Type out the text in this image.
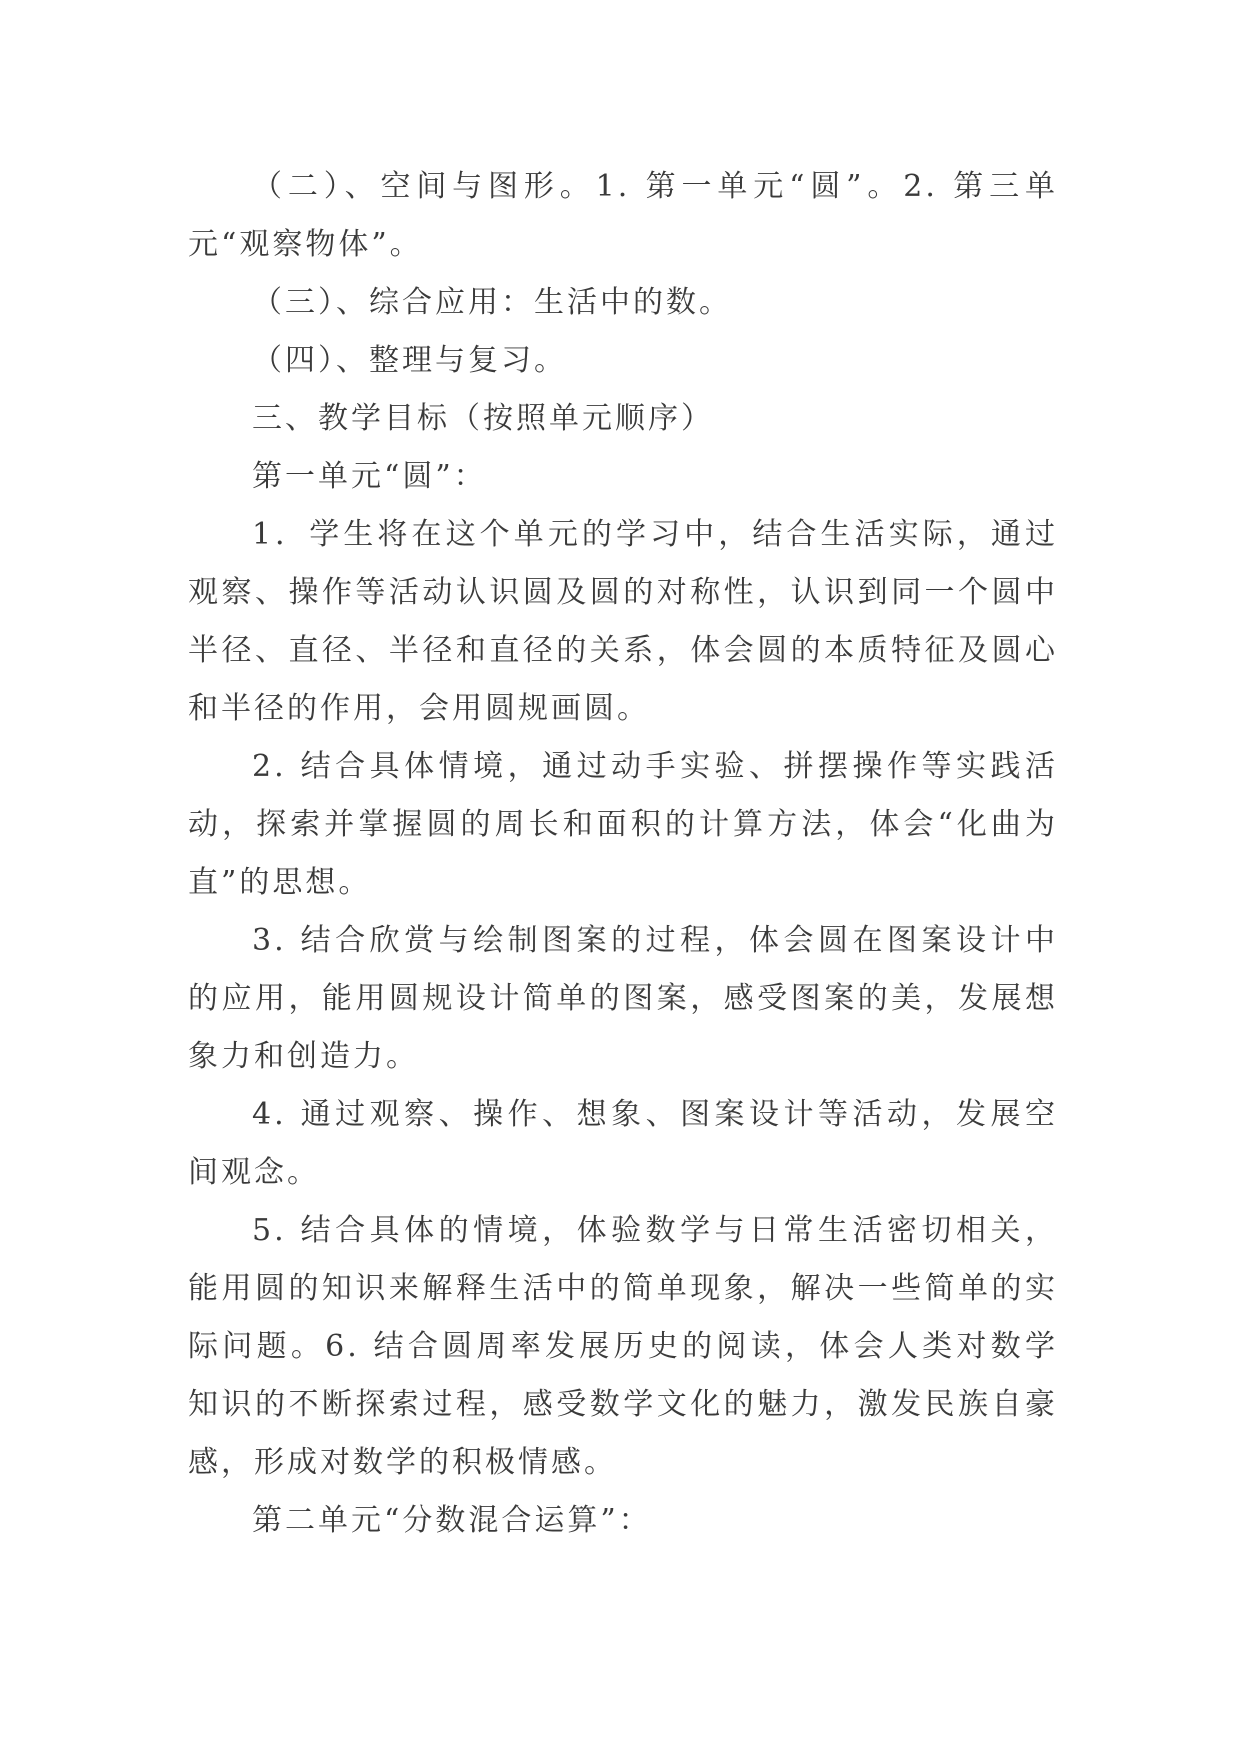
（二）、空间与图形。1. 第一单元“圆”。2. 第三单元“观察物体”。

（三）、综合应用：生活中的数。

（四）、整理与复习。

三、教学目标（按照单元顺序）

第一单元“圆”：

1．学生将在这个单元的学习中，结合生活实际，通过观察、操作等活动认识圆及圆的对称性，认识到同一个圆中半径、直径、半径和直径的关系，体会圆的本质特征及圆心和半径的作用，会用圆规画圆。

2. 结合具体情境，通过动手实验、拼摆操作等实践活动，探索并掌握圆的周长和面积的计算方法，体会“化曲为直”的思想。

3. 结合欣赏与绘制图案的过程，体会圆在图案设计中的应用，能用圆规设计简单的图案，感受图案的美，发展想象力和创造力。

4. 通过观察、操作、想象、图案设计等活动，发展空间观念。

5. 结合具体的情境，体验数学与日常生活密切相关，能用圆的知识来解释生活中的简单现象，解决一些简单的实际问题。6. 结合圆周率发展历史的阅读，体会人类对数学知识的不断探索过程，感受数学文化的魅力，激发民族自豪感，形成对数学的积极情感。

第二单元“分数混合运算”：
